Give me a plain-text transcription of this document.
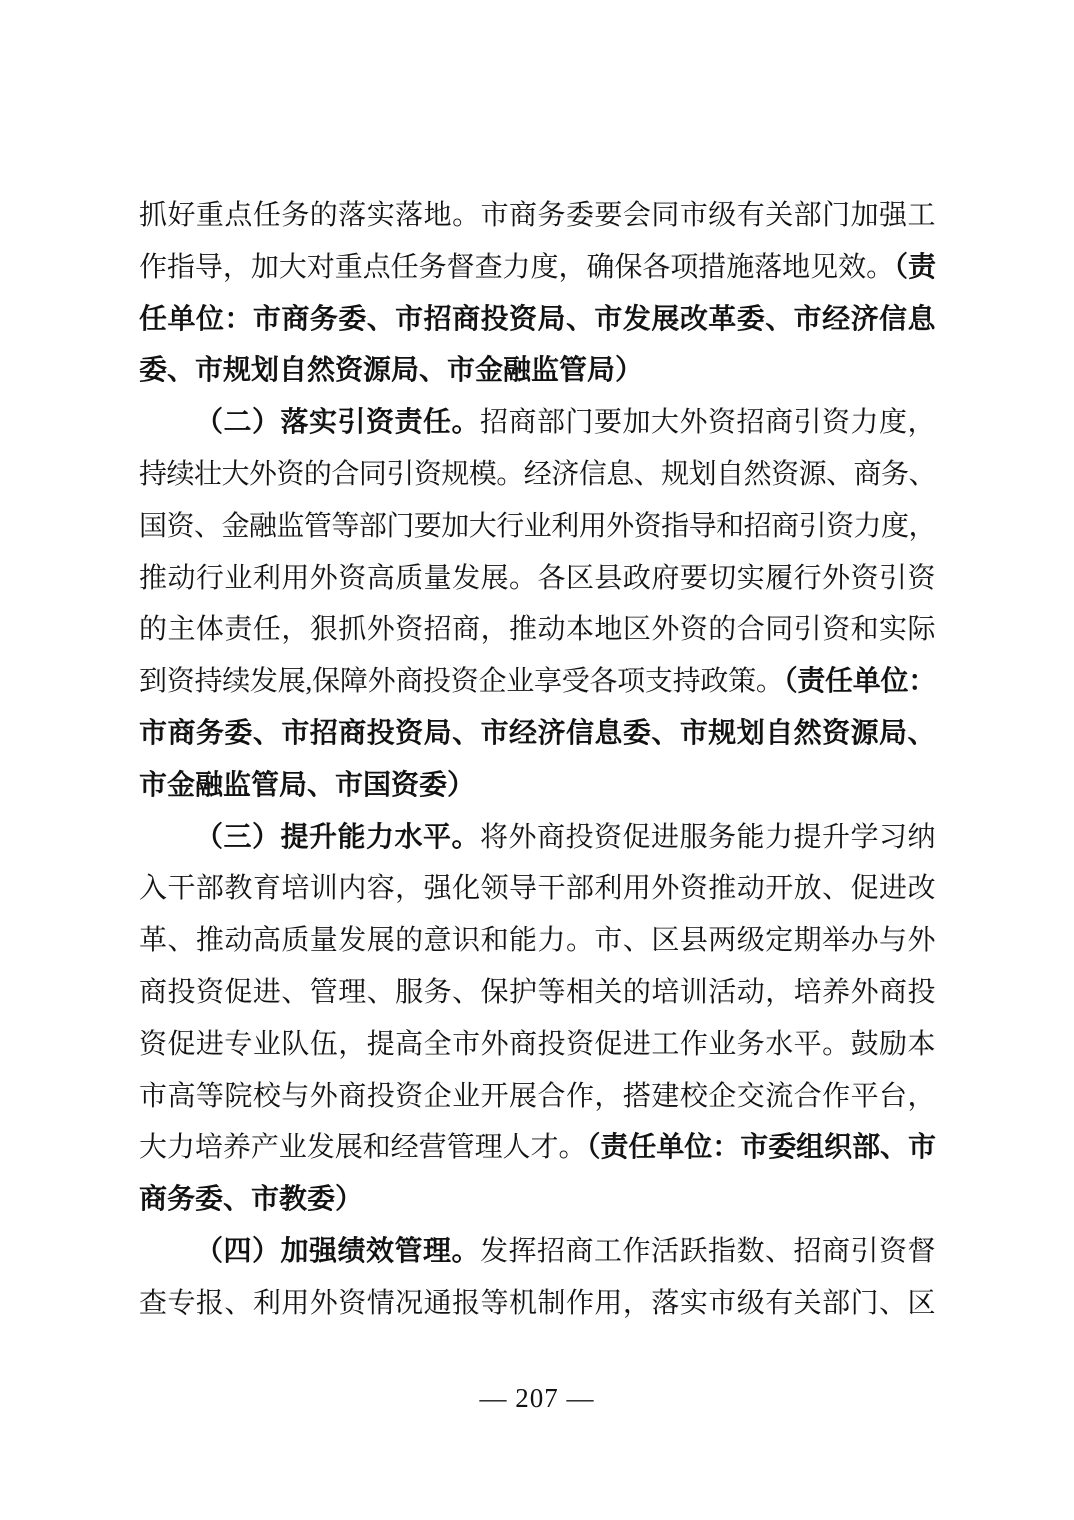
抓好重点任务的落实落地。市商务委要会同市级有关部门加强工
作指导，加大对重点任务督查力度，确保各项措施落地见效。（责
任单位：市商务委、市招商投资局、市发展改革委、市经济信息
委、市规划自然资源局、市金融监管局）
（二）落实引资责任。招商部门要加大外资招商引资力度，
持续壮大外资的合同引资规模。经济信息、规划自然资源、商务、
国资、金融监管等部门要加大行业利用外资指导和招商引资力度，
推动行业利用外资高质量发展。各区县政府要切实履行外资引资
的主体责任，狠抓外资招商，推动本地区外资的合同引资和实际
到资持续发展,保障外商投资企业享受各项支持政策。（责任单位：
市商务委、市招商投资局、市经济信息委、市规划自然资源局、
市金融监管局、市国资委）
（三）提升能力水平。将外商投资促进服务能力提升学习纳
入干部教育培训内容，强化领导干部利用外资推动开放、促进改
革、推动高质量发展的意识和能力。市、区县两级定期举办与外
商投资促进、管理、服务、保护等相关的培训活动，培养外商投
资促进专业队伍，提高全市外商投资促进工作业务水平。鼓励本
市高等院校与外商投资企业开展合作，搭建校企交流合作平台，
大力培养产业发展和经营管理人才。（责任单位：市委组织部、市
商务委、市教委）
（四）加强绩效管理。发挥招商工作活跃指数、招商引资督
查专报、利用外资情况通报等机制作用，落实市级有关部门、区
— 207 —
